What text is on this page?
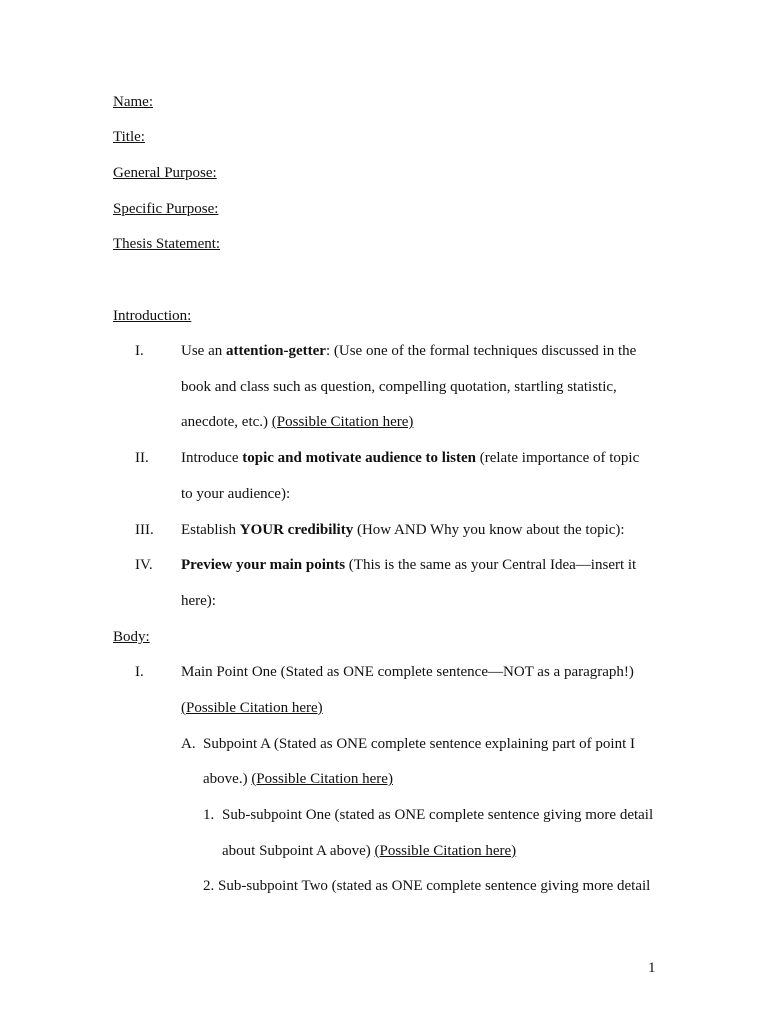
Name:
Title:
General Purpose:
Specific Purpose:
Thesis Statement:
Introduction:
I. Use an attention-getter: (Use one of the formal techniques discussed in the
book and class such as question, compelling quotation, startling statistic,
anecdote, etc.) (Possible Citation here)
II. Introduce topic and motivate audience to listen (relate importance of topic
to your audience):
III. Establish YOUR credibility (How AND Why you know about the topic):
IV. Preview your main points (This is the same as your Central Idea—insert it
here):
Body:
I. Main Point One (Stated as ONE complete sentence—NOT as a paragraph!)
(Possible Citation here)
A. Subpoint A (Stated as ONE complete sentence explaining part of point I
above.) (Possible Citation here)
1. Sub-subpoint One (stated as ONE complete sentence giving more detail
about Subpoint A above) (Possible Citation here)
2. Sub-subpoint Two (stated as ONE complete sentence giving more detail
1
